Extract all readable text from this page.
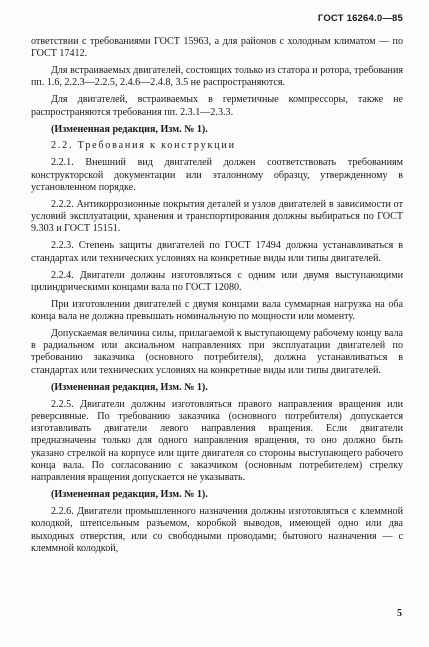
ГОСТ 16264.0—85

ответствии с требованиями ГОСТ 15963, а для районов с холодным климатом — по ГОСТ 17412.

Для встраиваемых двигателей, состоящих только из статора и ротора, требования пп. 1.6, 2.2.3—2.2.5, 2.4.6—2.4.8, 3.5 не распространяются.

Для двигателей, встраиваемых в герметичные компрессоры, также не распространяются требования пп. 2.3.1—2.3.3.

(Измененная редакция, Изм. № 1).

2.2. Требования к конструкции

2.2.1. Внешний вид двигателей должен соответствовать требованиям конструкторской документации или эталонному образцу, утвержденному в установленном порядке.

2.2.2. Антикоррозионные покрытия деталей и узлов двигателей в зависимости от условий эксплуатации, хранения и транспортирования должны выбираться по ГОСТ 9.303 и ГОСТ 15151.

2.2.3. Степень защиты двигателей по ГОСТ 17494 должна устанавливаться в стандартах или технических условиях на конкретные виды или типы двигателей.

2.2.4. Двигатели должны изготовляться с одним или двумя выступающими цилиндрическими концами вала по ГОСТ 12080.

При изготовлении двигателей с двумя концами вала суммарная нагрузка на оба конца вала не должна превышать номинальную по мощности или моменту.

Допускаемая величина силы, прилагаемой к выступающему рабочему концу вала в радиальном или аксиальном направлениях при эксплуатации двигателей по требованию заказчика (основного потребителя), должна устанавливаться в стандартах или технических условиях на конкретные виды или типы двигателей.

(Измененная редакция, Изм. № 1).

2.2.5. Двигатели должны изготовляться правого направления вращения или реверсивные. По требованию заказчика (основного потребителя) допускается изготавливать двигатели левого направления вращения. Если двигатели предназначены только для одного направления вращения, то оно должно быть указано стрелкой на корпусе или щите двигателя со стороны выступающего рабочего конца вала. По согласованию с заказчиком (основным потребителем) стрелку направления вращения допускается не указывать.

(Измененная редакция, Изм. № 1).

2.2.6. Двигатели промышленного назначения должны изготовляться с клеммной колодкой, штепсельным разъемом, коробкой выводов, имеющей одно или два выходных отверстия, или со свободными проводами; бытового назначения — с клеммной колодкой,

5
